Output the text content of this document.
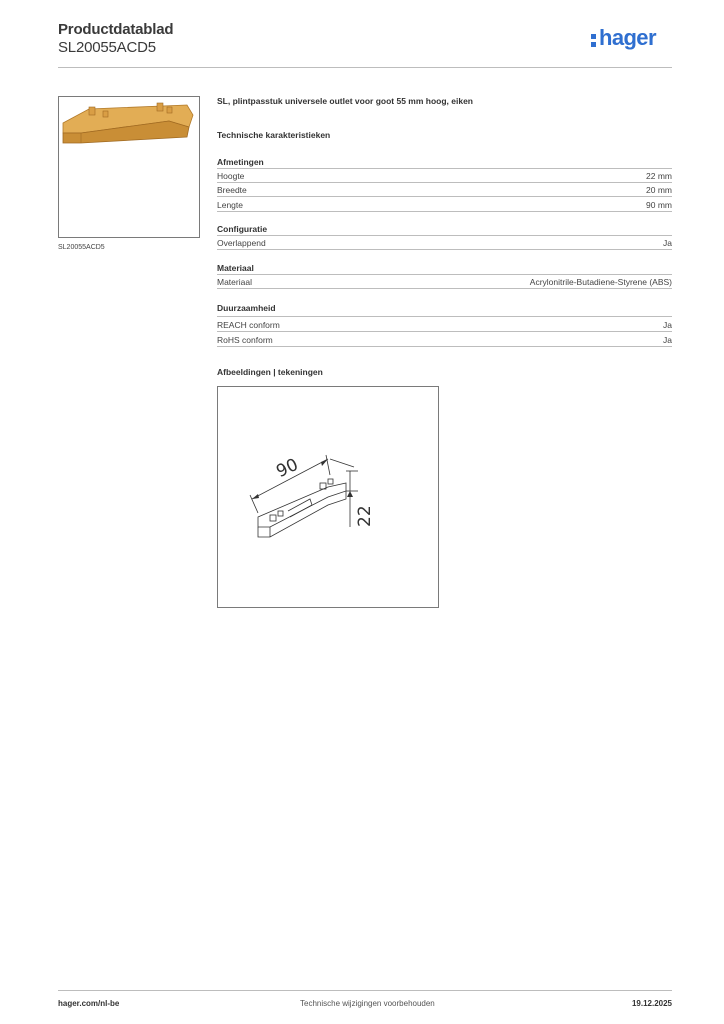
Productdatablad
SL20055ACD5	hager
SL20055ACD5
SL, plintpasstuk universele outlet voor goot 55 mm hoog, eiken
Technische karakteristieken
Afmetingen
Hoogte	22 mm
Breedte	20 mm
Lengte	90 mm
Configuratie
Overlappend	Ja
Materiaal
Materiaal	Acrylonitrile-Butadiene-Styrene (ABS)
Duurzaamheid
REACH conform	Ja
RoHS conform	Ja
Afbeeldingen | tekeningen
90
22
hager.com/nl-be	Technische wijzigingen voorbehouden	19.12.2025
